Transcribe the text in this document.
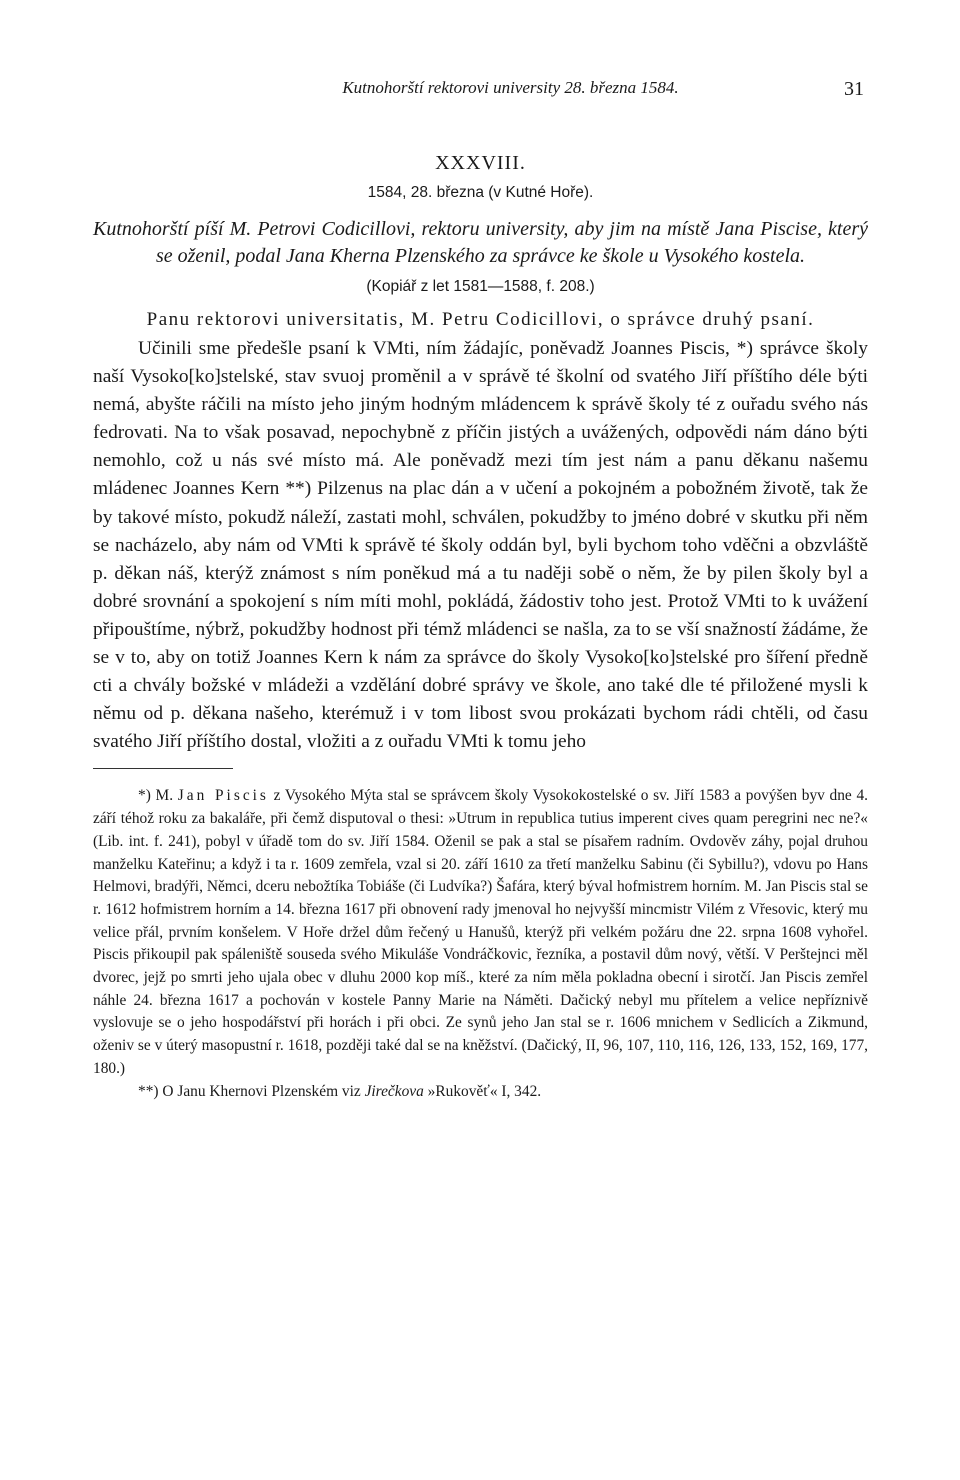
Kutnohorští rektorovi university 28. března 1584.	31
XXXVIII.
1584, 28. března (v Kutné Hoře).
Kutnohorští píší M. Petrovi Codicillovi, rektoru university, aby jim na místě Jana Piscise, který se oženil, podal Jana Kherna Plzenského za správce ke škole u Vysokého kostela.
(Kopiář z let 1581—1588, f. 208.)
Panu rektorovi universitatis, M. Petru Codicillovi, o správce druhý psaní.

Učinili sme předešle psaní k VMti, ním žádajíc, poněvadž Joannes Piscis, *) správce školy naší Vysoko[ko]stelské, stav svuoj proměnil a v správě té školní od svatého Jiří příštího déle býti nemá, abyšte ráčili na místo jeho jiným hodným mládencem k správě školy té z ouřadu svého nás fedrovati. Na to však posavad, nepochybně z příčin jistých a uvážených, odpovědi nám dáno býti nemohlo, což u nás své místo má. Ale poněvadž mezi tím jest nám a panu děkanu našemu mládenec Joannes Kern **) Pilzenus na plac dán a v učení a pokojném a pobožném životě, tak že by takové místo, pokudž náleží, zastati mohl, schválen, pokudžby to jméno dobré v skutku při něm se nacházelo, aby nám od VMti k správě té školy oddán byl, byli bychom toho vděčni a obzvláště p. děkan náš, kterýž známost s ním poněkud má a tu naději sobě o něm, že by pilen školy byl a dobré srovnání a spokojení s ním míti mohl, pokládá, žádostiv toho jest. Protož VMti to k uvážení připouštíme, nýbrž, pokudžby hodnost při témž mládenci se našla, za to se vší snažností žádáme, že se v to, aby on totiž Joannes Kern k nám za správce do školy Vysoko[ko]stelské pro šíření předně cti a chvály božské v mládeži a vzdělání dobré správy ve škole, ano také dle té přiložené mysli k němu od p. děkana našeho, kterémuž i v tom libost svou prokázati bychom rádi chtěli, od času svatého Jiří příštího dostal, vložiti a z ouřadu VMti k tomu jeho

*) M. Jan Piscis z Vysokého Mýta stal se správcem školy Vysokokostelské o sv. Jiří 1583 a povýšen byv dne 4. září téhož roku za bakaláře, při čemž disputoval o thesi: »Utrum in republica tutius imperent cives quam peregrini nec ne?« (Lib. int. f. 241), pobyl v úřadě tom do sv. Jiří 1584. Oženil se pak a stal se písařem radním. Ovdověv záhy, pojal druhou manželku Kateřinu; a když i ta r. 1609 zemřela, vzal si 20. září 1610 za třetí manželku Sabinu (či Sybillu?), vdovu po Hans Helmovi, bradýři, Němci, dceru nebožtíka Tobiáše (či Ludvíka?) Šafára, který býval hofmistrem horním. M. Jan Piscis stal se r. 1612 hofmistrem horním a 14. března 1617 při obnovení rady jmenoval ho nejvyšší mincmistr Vilém z Vřesovic, který mu velice přál, prvním konšelem. V Hoře držel dům řečený u Hanušů, kterýž při velkém požáru dne 22. srpna 1608 vyhořel. Piscis přikoupil pak spáleniště souseda svého Mikuláše Vondráčkovic, řezníka, a postavil dům nový, větší. V Perštejnci měl dvorec, jejž po smrti jeho ujala obec v dluhu 2000 kop míš., které za ním měla pokladna obecní i sirotčí. Jan Piscis zemřel náhle 24. března 1617 a pochován v kostele Panny Marie na Náměti. Dačický nebyl mu přítelem a velice nepříznivě vyslovuje se o jeho hospodářství při horách i při obci. Ze synů jeho Jan stal se r. 1606 mnichem v Sedlicích a Zikmund, oženiv se v úterý masopustní r. 1618, později také dal se na kněžství. (Dačický, II, 96, 107, 110, 116, 126, 133, 152, 169, 177, 180.)

**) O Janu Khernovi Plzenském viz Jirečkova »Rukověť« I, 342.
